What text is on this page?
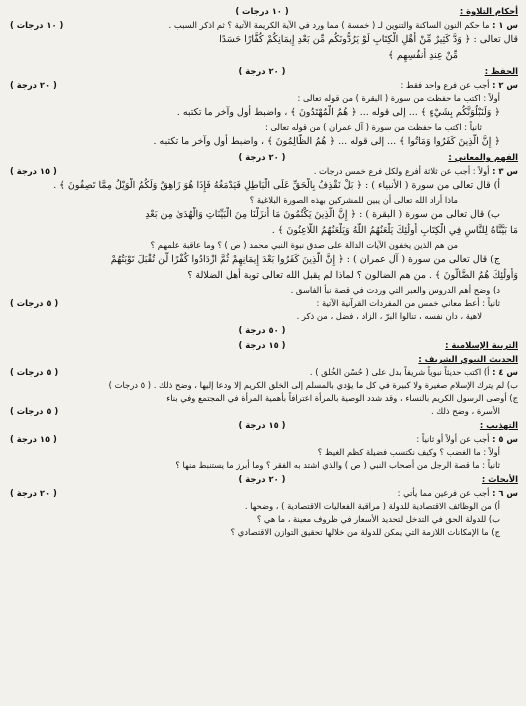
أحكام التلاوة :
( ١٠ درجات )
س ١ : ما حكم النون الساكنة والتنوين لـ ( خمسة ) مما ورد في الآية الكريمة الآتية ؟ ثم اذكر السبب .
( ١٠ درجات )
قال تعالى : ﴿ وَدَّ كَثِيرٌ مِّنْ أَهْلِ الْكِتَابِ لَوْ يَرُدُّونَكُم مِّن بَعْدِ إِيمَانِكُمْ كُفَّارًا حَسَدًا
مِّنْ عِندِ أَنفُسِهِم ﴾
الحفظ :
( ٢٠ درجة )
س ٢ : أجب عن فرع واحد فقط :
( ٢٠ درجة )
أولاً : اكتب ما حفظت من سورة ( البقرة ) من قوله تعالى :
﴿ وَلَنَبْلُوَنَّكُم بِشَيْءٍ ﴾ ... إلى قوله ... ﴿ هُمُ الْمُهْتَدُونَ ﴾ ، واضبط أول وآخر ما تكتبه .
ثانياً : اكتب ما حفظت من سورة ( آل عمران ) من قوله تعالى :
﴿ إِنَّ الَّذِينَ كَفَرُوا وَمَاتُوا ﴾ ... إلى قوله ... ﴿ هُمُ الظَّالِمُونَ ﴾ ، واضبط أول وآخر ما تكتبه .
الفهم والمعاني :
( ٢٠ درجة )
س ٣ : أولاً : أجب عن ثلاثة أفرع ولكل فرع خمس درجات .
( ١٥ درجة )
أ) قال تعالى من سورة ( الأنبياء ) : ﴿ بَلْ نَقْذِفُ بِالْحَقِّ عَلَى الْبَاطِلِ فَيَدْمَغُهُ فَإِذَا هُوَ زَاهِقٌ وَلَكُمُ الْوَيْلُ مِمَّا تَصِفُونَ ﴾ .
ماذا أراد الله تعالى أن يبين للمشركين بهذه الصورة البلاغية ؟
ب) قال تعالى من سورة ( البقرة ) : ﴿ إِنَّ الَّذِينَ يَكْتُمُونَ مَا أَنزَلْنَا مِنَ الْبَيِّنَاتِ وَالْهُدَىٰ مِن بَعْدِ
مَا بَيَّنَّاهُ لِلنَّاسِ فِي الْكِتَابِ أُولَٰئِكَ يَلْعَنُهُمُ اللَّهُ وَيَلْعَنُهُمُ اللَّاعِنُونَ ﴾ .
من هم الذين يخفون الآيات الدالة على صدق نبوة النبي محمد ( ص ) ؟ وما عاقبة علمهم ؟
ج) قال تعالى من سورة ( آل عمران ) : ﴿ إِنَّ الَّذِينَ كَفَرُوا بَعْدَ إِيمَانِهِمْ ثُمَّ ازْدَادُوا كُفْرًا لَّن تُقْبَلَ تَوْبَتُهُمْ
وَأُولَٰئِكَ هُمُ الضَّالُّونَ ﴾ . من هم الضالون ؟ لماذا لم يقبل الله تعالى توبة أهل الضلالة ؟
د) وضح أهم الدروس والعبر التي وردت في قصة نبأ الفاسق .
ثانياً : أعط معاني خمس من المفردات القرآنية الآتية :
( ٥ درجات )
لاهية ، دان نفسه ، تنالوا البرّ ، الزاد ، فضل ، من ذكر .
( ٥٠ درجة )
التربية الإسلامية :
( ١٥ درجة )
الحديث النبوي الشريف :
س ٤ : أ) اكتب حديثاً نبوياً شريفاً بدل على ( حُسْن الخُلق ) .
( ٥ درجات )
ب) لم يترك الإسلام صغيرة ولا كبيرة في كل ما يؤدي بالمسلم إلى الخلق الكريم إلا ودعا إليها ، وضح ذلك . ( ٥ درجات )
ج) أوصى الرسول الكريم بالنساء ، وقد شدد الوصية بالمرأة اعترافاً بأهمية المرأة في المجتمع وفي بناء
الأسرة ، وضح ذلك .
( ٥ درجات )
التهذيب :
( ١٥ درجة )
س ٥ : أجب عن أولاً أو ثانياً :
( ١٥ درجة )
أولاً : ما الغضب ؟ وكيف نكتسب فضيلة كظم الغيظ ؟
ثانياً : ما قصة الرجل من أصحاب النبي ( ص ) والذي اشتد به الفقر ؟ وما أبرز ما يستنبط منها ؟
الأبحاث :
( ٢٠ درجة )
س ٦ : أجب عن فرعين مما يأتي :
( ٢٠ درجة )
أ) من الوظائف الاقتصادية للدولة ( مراقبة الفعاليات الاقتصادية ) ، وضحها .
ب) للدولة الحق في التدخل لتحديد الأسعار في ظروف معينة ، ما هي ؟
ج) ما الإمكانات اللازمة التي يمكن للدولة من خلالها تحقيق التوازن الاقتصادي ؟
